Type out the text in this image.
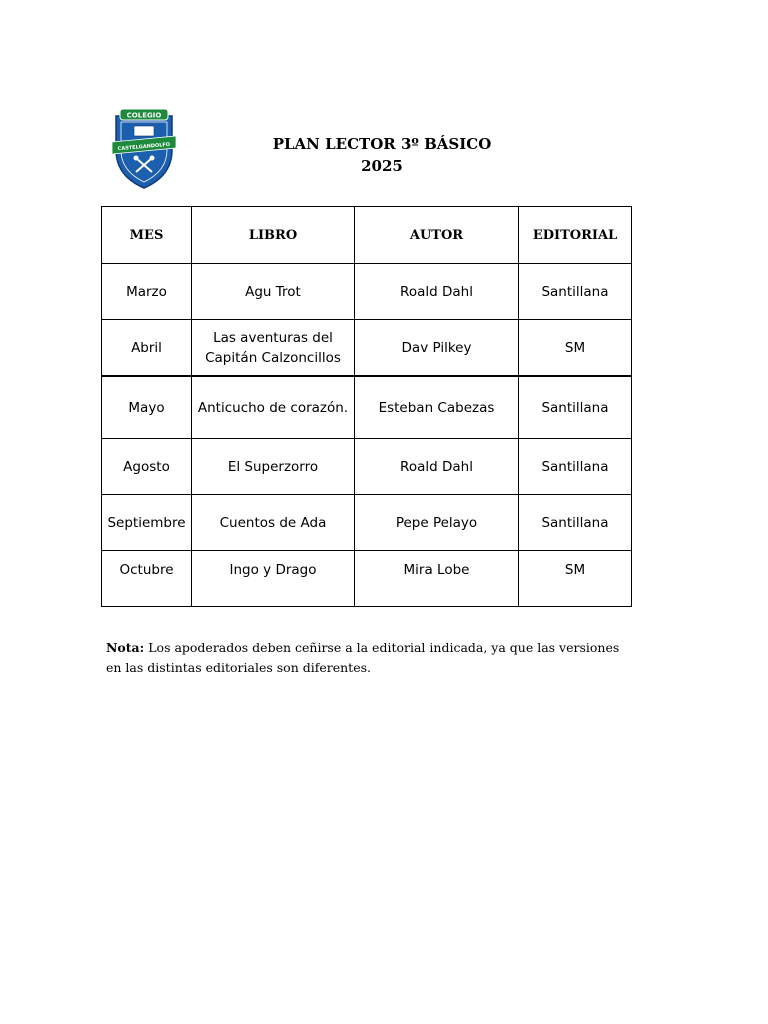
COLEGIO
CASTELGANDOLFO	PLAN LECTOR 3º BÁSICO
2025
MES	LIBRO	AUTOR	EDITORIAL
Marzo	Agu Trot	Roald Dahl	Santillana
Abril	Las aventuras del Capitán Calzoncillos	Dav Pilkey	SM
Mayo	Anticucho de corazón.	Esteban Cabezas	Santillana
Agosto	El Superzorro	Roald Dahl	Santillana
Septiembre	Cuentos de Ada	Pepe Pelayo	Santillana
Octubre	Ingo y Drago	Mira Lobe	SM
Nota: Los apoderados deben ceñirse a la editorial indicada, ya que las versiones en las distintas editoriales son diferentes.
